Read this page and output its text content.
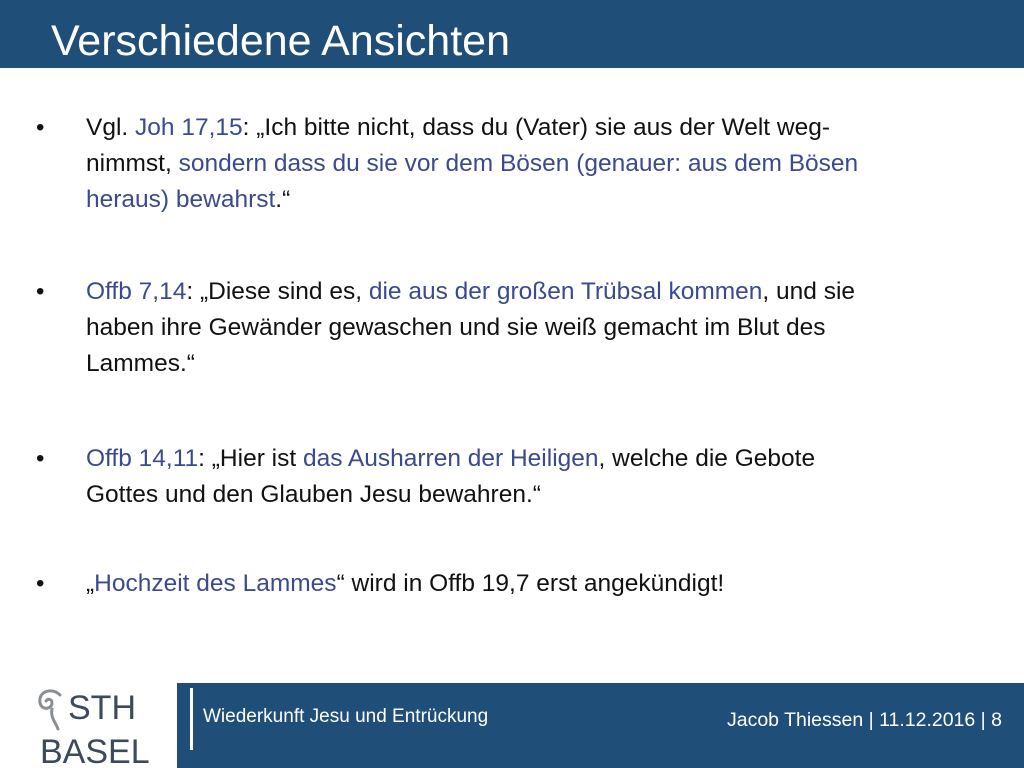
Verschiedene Ansichten
• Vgl. Joh 17,15: „Ich bitte nicht, dass du (Vater) sie aus der Welt weg-
nimmst, sondern dass du sie vor dem Bösen (genauer: aus dem Bösen
heraus) bewahrst.“
• Offb 7,14: „Diese sind es, die aus der großen Trübsal kommen, und sie
haben ihre Gewänder gewaschen und sie weiß gemacht im Blut des
Lammes.“
• Offb 14,11: „Hier ist das Ausharren der Heiligen, welche die Gebote
Gottes und den Glauben Jesu bewahren.“
• „Hochzeit des Lammes“ wird in Offb 19,7 erst angekündigt!
STH
BASEL
Wiederkunft Jesu und Entrückung	Jacob Thiessen | 11.12.2016 | 8
